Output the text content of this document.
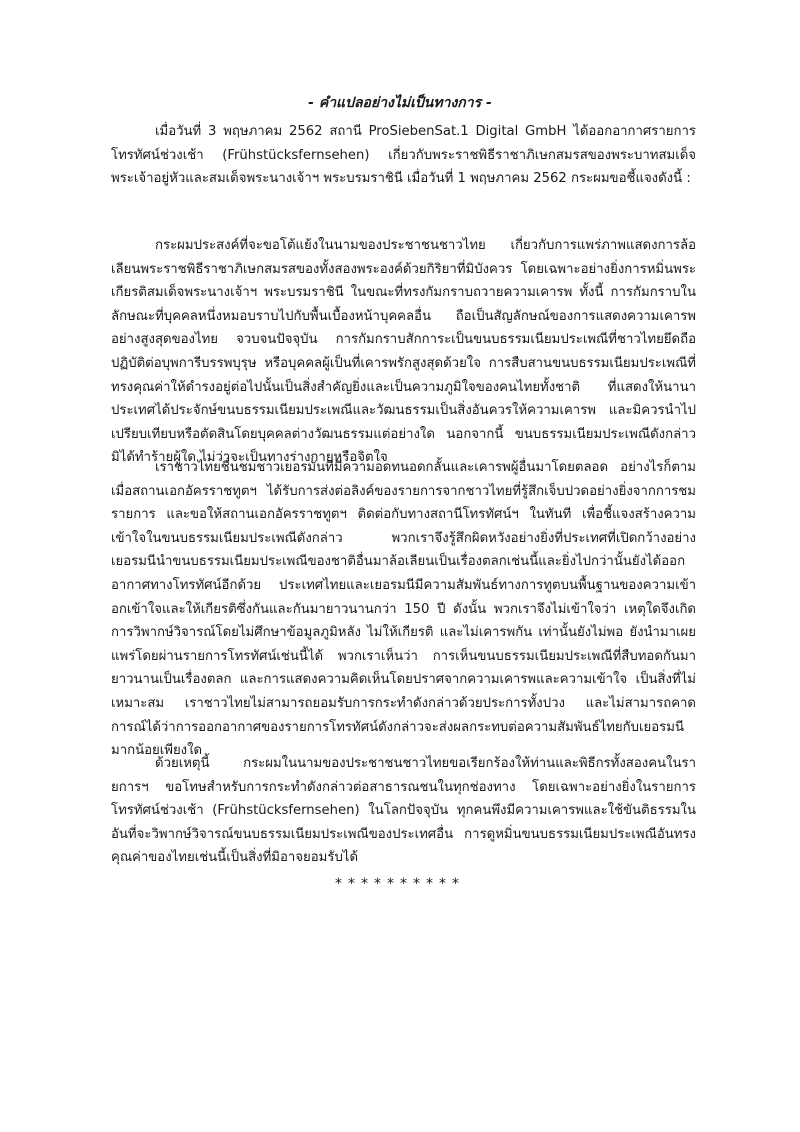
- คำแปลอย่างไม่เป็นทางการ -

เมื่อวันที่ 3 พฤษภาคม 2562 สถานี ProSiebenSat.1 Digital GmbH ได้ออกอากาศรายการโทรทัศน์ช่วงเช้า (Frühstücksfernsehen) เกี่ยวกับพระราชพิธีราชาภิเษกสมรสของพระบาทสมเด็จพระเจ้าอยู่หัวและสมเด็จพระนางเจ้าฯ พระบรมราชินี เมื่อวันที่ 1 พฤษภาคม 2562 กระผมขอชี้แจงดังนี้ :

กระผมประสงค์ที่จะขอโต้แย้งในนามของประชาชนชาวไทย เกี่ยวกับการแพร่ภาพแสดงการล้อเลียนพระราชพิธีราชาภิเษกสมรสของทั้งสองพระองค์ด้วยกิริยาที่มิบังควร โดยเฉพาะอย่างยิ่งการหมิ่นพระเกียรติสมเด็จพระนางเจ้าฯ พระบรมราชินี ในขณะที่ทรงกัมกราบถวายความเคารพ ทั้งนี้ การกัมกราบในลักษณะที่บุคคลหนึ่งหมอบราบไปกับพื้นเบื้องหน้าบุคคลอื่น ถือเป็นสัญลักษณ์ของการแสดงความเคารพอย่างสูงสุดของไทย จวบจนปัจจุบัน การกัมกราบสักการะเป็นขนบธรรมเนียมประเพณีที่ชาวไทยยึดถือปฏิบัติต่อบุพการีบรรพบุรุษ หรือบุคคลผู้เป็นที่เคารพรักสูงสุดด้วยใจ การสืบสานขนบธรรมเนียมประเพณีที่ทรงคุณค่าให้ดำรงอยู่ต่อไปนั้นเป็นสิ่งสำคัญยิ่งและเป็นความภูมิใจของคนไทยทั้งชาติ ที่แสดงให้นานาประเทศได้ประจักษ์ขนบธรรมเนียมประเพณีและวัฒนธรรมเป็นสิ่งอันควรให้ความเคารพ และมิควรนำไปเปรียบเทียบหรือตัดสินโดยบุคคลต่างวัฒนธรรมแต่อย่างใด นอกจากนี้ ขนบธรรมเนียมประเพณีดังกล่าวมิได้ทำร้ายผู้ใด ไม่ว่าจะเป็นทางร่างกายหรือจิตใจ

เราชาวไทยชื่นชมชาวเยอรมันที่มีความอดทนอดกลั้นและเคารพผู้อื่นมาโดยตลอด อย่างไรก็ตามเมื่อสถานเอกอัครราชทูตฯ ได้รับการส่งต่อลิงค์ของรายการจากชาวไทยที่รู้สึกเจ็บปวดอย่างยิ่งจากการชมรายการ และขอให้สถานเอกอัครราชทูตฯ ติดต่อกับทางสถานีโทรทัศน์ฯ ในทันที เพื่อชี้แจงสร้างความเข้าใจในขนบธรรมเนียมประเพณีดังกล่าว พวกเราจึงรู้สึกผิดหวังอย่างยิ่งที่ประเทศที่เปิดกว้างอย่างเยอรมนีนำขนบธรรมเนียมประเพณีของชาติอื่นมาล้อเลียนเป็นเรื่องตลกเช่นนี้และยิ่งไปกว่านั้นยังได้ออกอากาศทางโทรทัศน์อีกด้วย ประเทศไทยและเยอรมนีมีความสัมพันธ์ทางการทูตบนพื้นฐานของความเข้าอกเข้าใจและให้เกียรติซึ่งกันและกันมายาวนานกว่า 150 ปี ดังนั้น พวกเราจึงไม่เข้าใจว่า เหตุใดจึงเกิดการวิพากษ์วิจารณ์โดยไม่ศึกษาข้อมูลภูมิหลัง ไม่ให้เกียรติ และไม่เคารพกัน เท่านั้นยังไม่พอ ยังนำมาเผยแพร่โดยผ่านรายการโทรทัศน์เช่นนี้ได้ พวกเราเห็นว่า การเห็นขนบธรรมเนียมประเพณีที่สืบทอดกันมายาวนานเป็นเรื่องตลก และการแสดงความคิดเห็นโดยปราศจากความเคารพและความเข้าใจ เป็นสิ่งที่ไม่เหมาะสม เราชาวไทยไม่สามารถยอมรับการกระทำดังกล่าวด้วยประการทั้งปวง และไม่สามารถคาดการณ์ได้ว่าการออกอากาศของรายการโทรทัศน์ดังกล่าวจะส่งผลกระทบต่อความสัมพันธ์ไทยกับเยอรมนีมากน้อยเพียงใด

ด้วยเหตุนี้ กระผมในนามของประชาชนชาวไทยขอเรียกร้องให้ท่านและพิธีกรทั้งสองคนในรายการฯ ขอโทษสำหรับการกระทำดังกล่าวต่อสาธารณชนในทุกช่องทาง โดยเฉพาะอย่างยิ่งในรายการโทรทัศน์ช่วงเช้า (Frühstücksfernsehen) ในโลกปัจจุบัน ทุกคนพึงมีความเคารพและใช้ขันติธรรมในอันที่จะวิพากษ์วิจารณ์ขนบธรรมเนียมประเพณีของประเทศอื่น การดูหมิ่นขนบธรรมเนียมประเพณีอันทรงคุณค่าของไทยเช่นนี้เป็นสิ่งที่มิอาจยอมรับได้

**********
